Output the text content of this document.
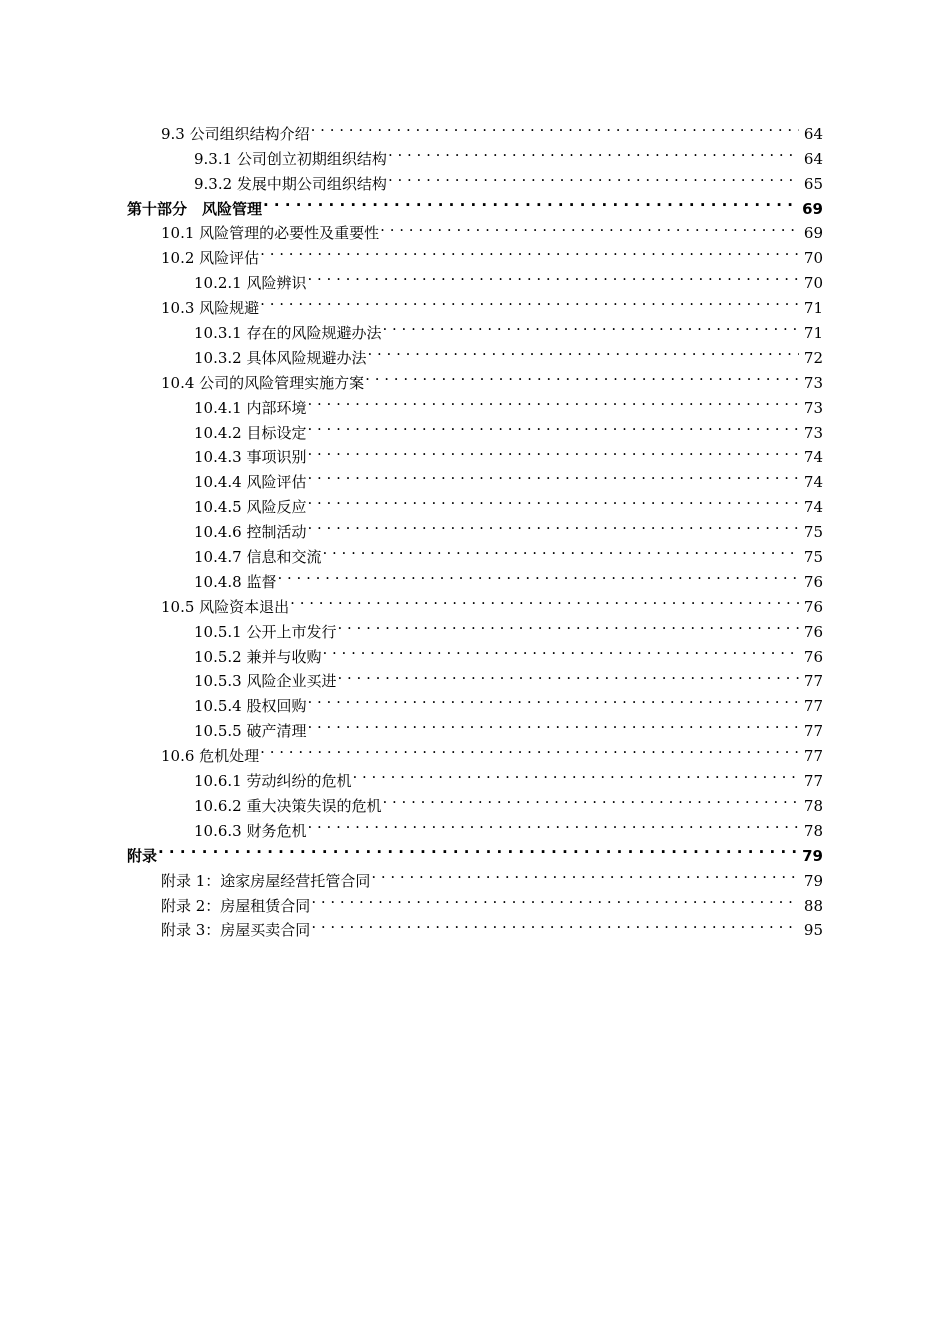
9.3 公司组织结构介绍 . . .	64
9.3.1 公司创立初期组织结构 . . .	64
9.3.2 发展中期公司组织结构 . . .	65
第十部分　风险管理 . . .	69
10.1 风险管理的必要性及重要性 . . .	69
10.2 风险评估 . . .	70
10.2.1 风险辨识 . . .	70
10.3 风险规避 . . .	71
10.3.1 存在的风险规避办法 . . .	71
10.3.2 具体风险规避办法 . . .	72
10.4 公司的风险管理实施方案 . . .	73
10.4.1 内部环境 . . .	73
10.4.2 目标设定 . . .	73
10.4.3 事项识别 . . .	74
10.4.4 风险评估 . . .	74
10.4.5 风险反应 . . .	74
10.4.6 控制活动 . . .	75
10.4.7 信息和交流 . . .	75
10.4.8 监督 . . .	76
10.5 风险资本退出 . . .	76
10.5.1 公开上市发行 . . .	76
10.5.2 兼并与收购 . . .	76
10.5.3 风险企业买进 . . .	77
10.5.4 股权回购 . . .	77
10.5.5 破产清理 . . .	77
10.6 危机处理 . . .	77
10.6.1 劳动纠纷的危机 . . .	77
10.6.2 重大决策失误的危机 . . .	78
10.6.3 财务危机 . . .	78
附录 . . .	79
附录 1：途家房屋经营托管合同 . . .	79
附录 2：房屋租赁合同 . . .	88
附录 3：房屋买卖合同 . . .	95
